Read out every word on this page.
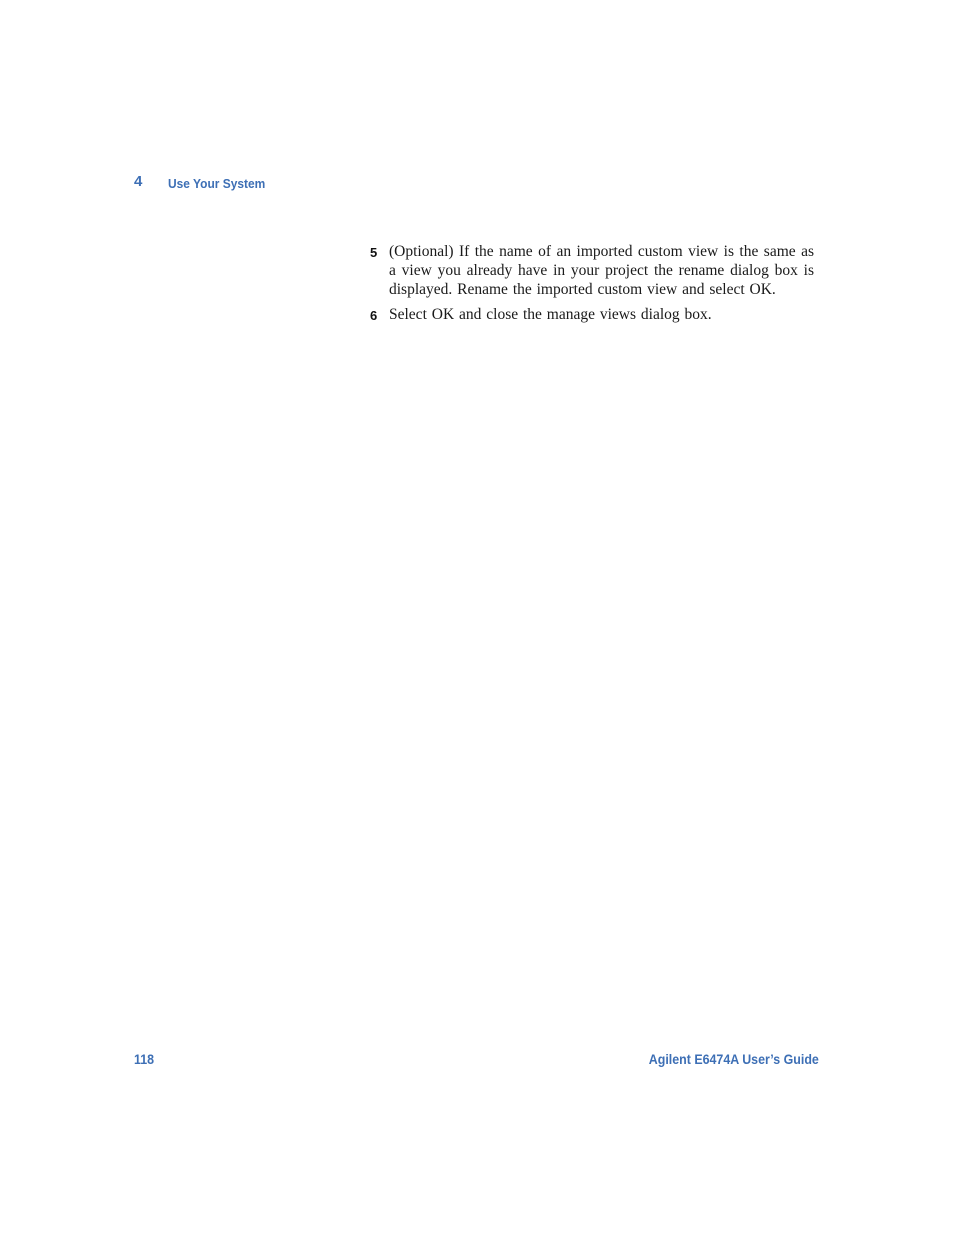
4 Use Your System
5 (Optional) If the name of an imported custom view is the same as a view you already have in your project the rename dialog box is displayed. Rename the imported custom view and select OK.
6 Select OK and close the manage views dialog box.
118	Agilent E6474A User’s Guide
